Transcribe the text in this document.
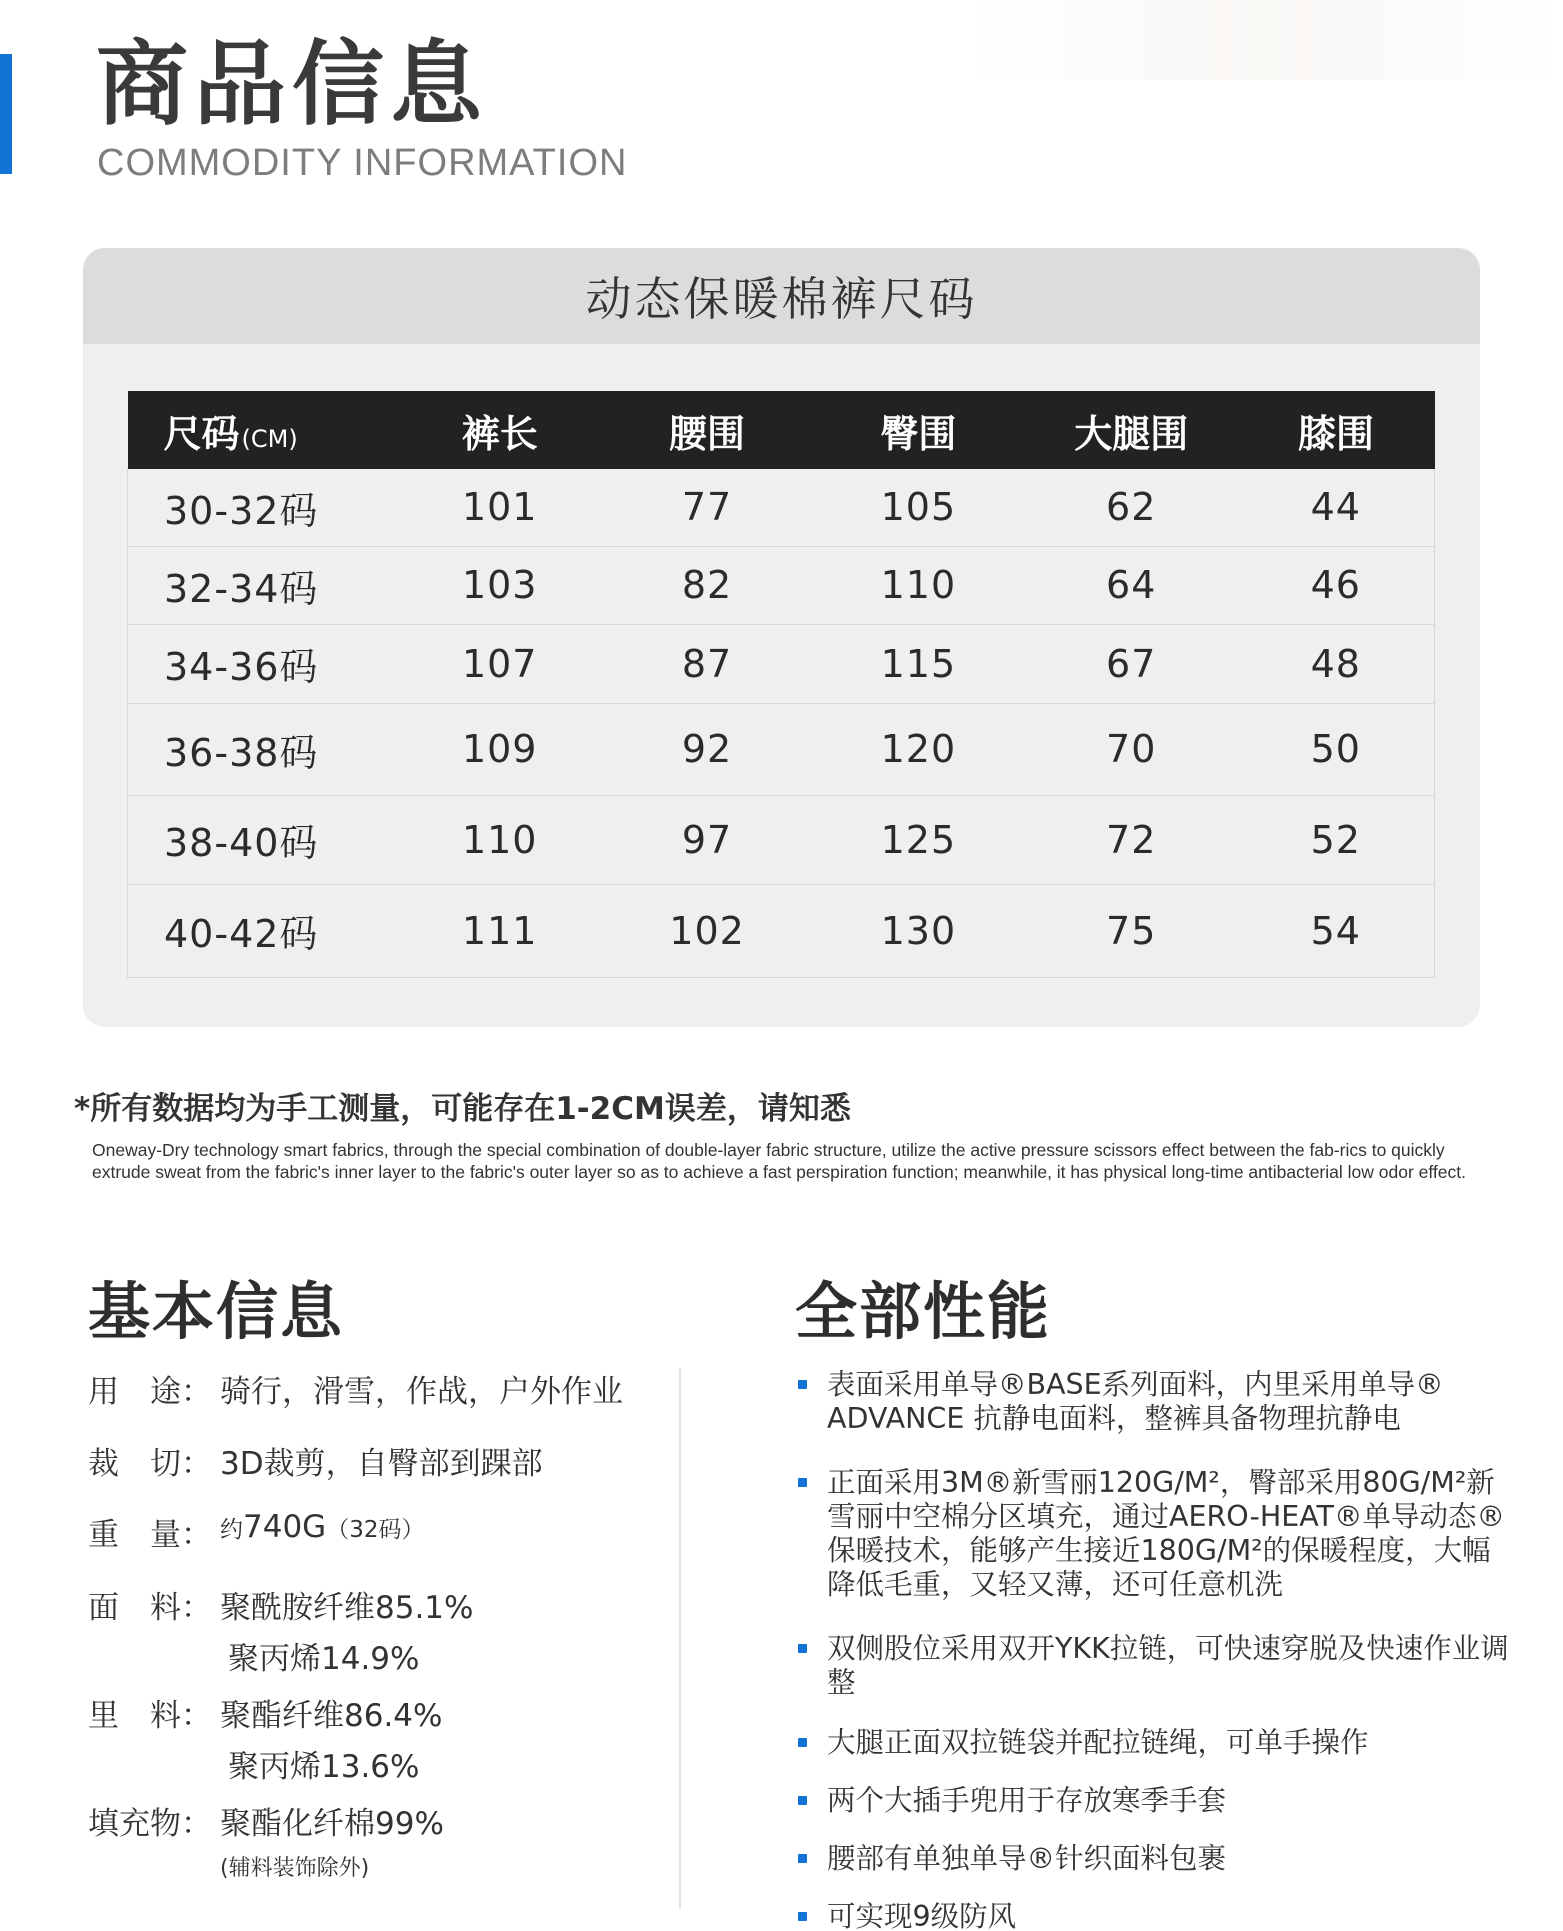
商品信息
COMMODITY INFORMATION
动态保暖棉裤尺码
尺码(CM)	裤长	腰围	臀围	大腿围	膝围
30-32码	101	77	105	62	44
32-34码	103	82	110	64	46
34-36码	107	87	115	67	48
36-38码	109	92	120	70	50
38-40码	110	97	125	72	52
40-42码	111	102	130	75	54
*所有数据均为手工测量，可能存在1-2CM误差，请知悉
Oneway-Dry technology smart fabrics, through the special combination of double-layer fabric structure, utilize the active pressure scissors effect between the fab-rics to quickly extrude sweat from the fabric's inner layer to the fabric's outer layer so as to achieve a fast perspiration function; meanwhile, it has physical long-time antibacterial low odor effect.
基本信息	全部性能
用　途： 骑行，滑雪，作战，户外作业
裁　切： 3D裁剪，自臀部到踝部
重　量： 约740G（32码）
面　料： 聚酰胺纤维85.1%
聚丙烯14.9%
里　料： 聚酯纤维86.4%
聚丙烯13.6%
填充物： 聚酯化纤棉99%
(辅料装饰除外)
表面采用单导®BASE系列面料，内里采用单导® ADVANCE 抗静电面料，整裤具备物理抗静电
正面采用3M®新雪丽120G/M²，臀部采用80G/M²新雪丽中空棉分区填充，通过AERO-HEAT®单导动态®保暖技术，能够产生接近180G/M²的保暖程度，大幅降低毛重，又轻又薄，还可任意机洗
双侧股位采用双开YKK拉链，可快速穿脱及快速作业调整
大腿正面双拉链袋并配拉链绳，可单手操作
两个大插手兜用于存放寒季手套
腰部有单独单导®针织面料包裹
可实现9级防风
